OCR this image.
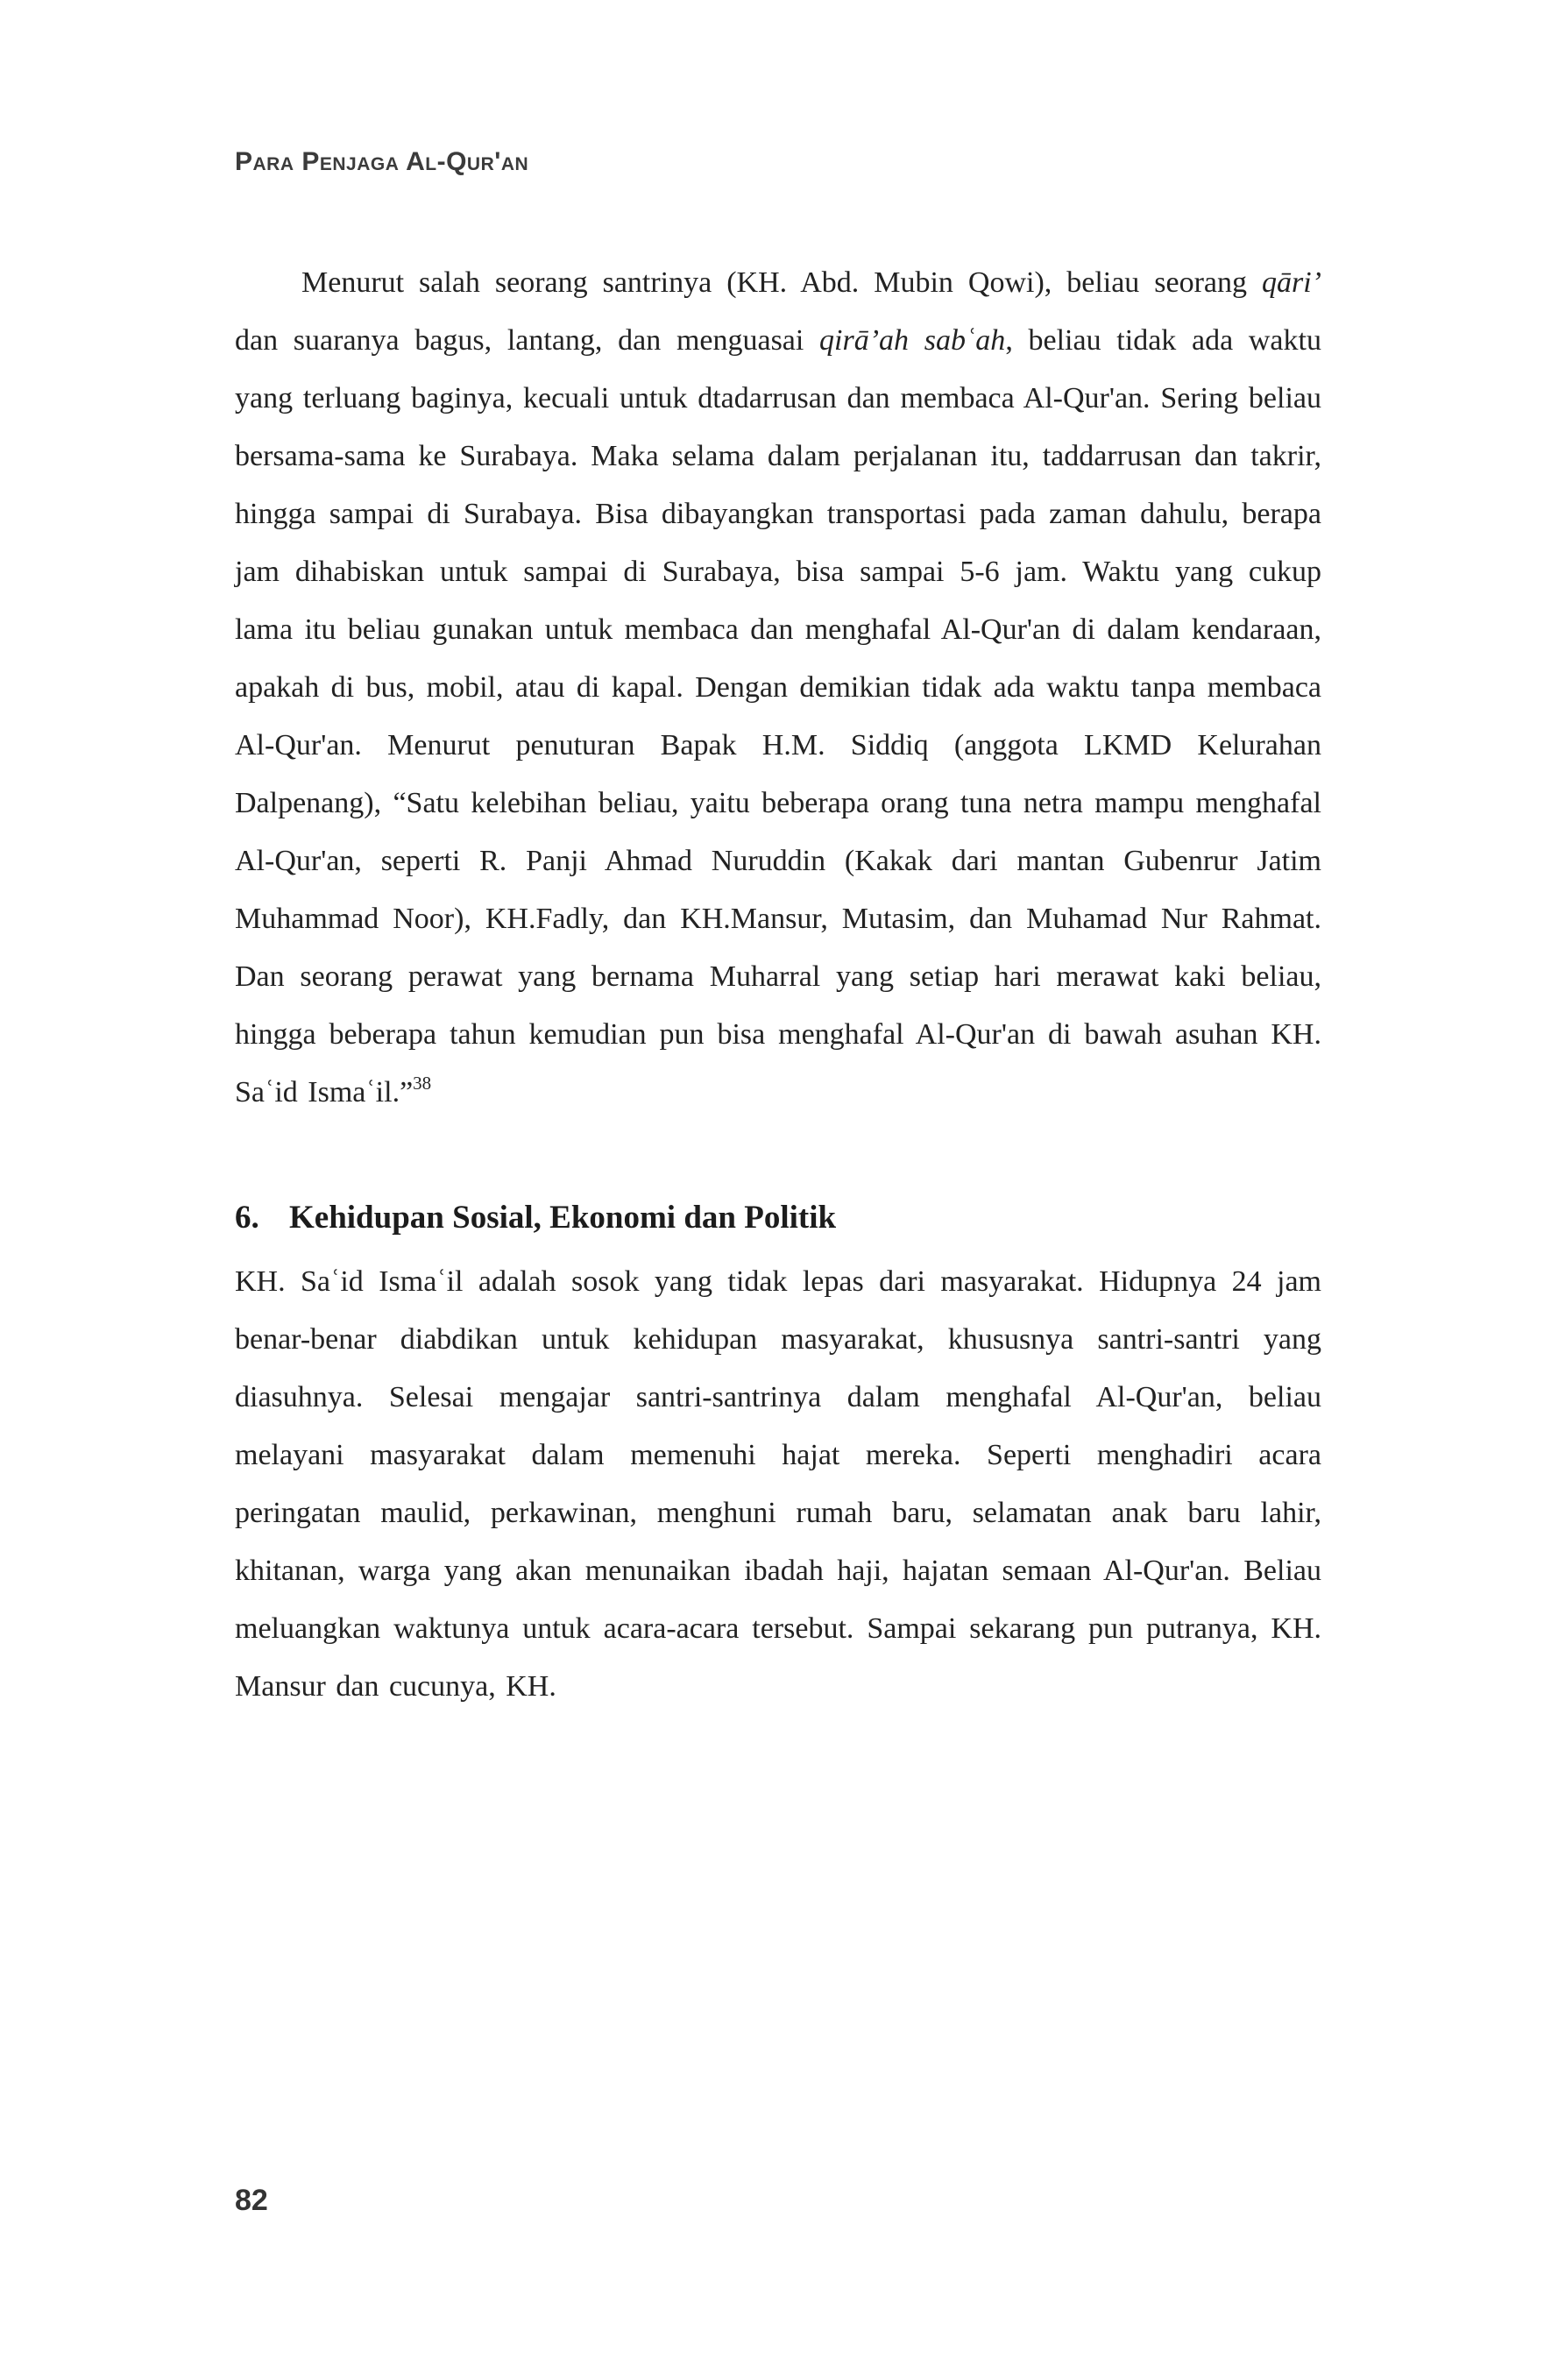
Para Penjaga Al-Qur'an

Menurut salah seorang santrinya (KH. Abd. Mubin Qowi), beliau seorang qāri’ dan suaranya bagus, lantang, dan menguasai qirā’ah sabʿah, beliau tidak ada waktu yang terluang baginya, kecuali untuk dtadarrusan dan membaca Al-Qur'an. Sering beliau bersama-sama ke Surabaya. Maka selama dalam perjalanan itu, taddarrusan dan takrir, hingga sampai di Surabaya. Bisa dibayangkan transportasi pada zaman dahulu, berapa jam dihabiskan untuk sampai di Surabaya, bisa sampai 5-6 jam. Waktu yang cukup lama itu beliau gunakan untuk membaca dan menghafal Al-Qur'an di dalam kendaraan, apakah di bus, mobil, atau di kapal. Dengan demikian tidak ada waktu tanpa membaca Al-Qur'an. Menurut penuturan Bapak H.M. Siddiq (anggota LKMD Kelurahan Dalpenang), “Satu kelebihan beliau, yaitu beberapa orang tuna netra mampu menghafal Al-Qur'an, seperti R. Panji Ahmad Nuruddin (Kakak dari mantan Gubenrur Jatim Muhammad Noor), KH.Fadly, dan KH.Mansur, Mutasim, dan Muhamad Nur Rahmat. Dan seorang perawat yang bernama Muharral yang setiap hari merawat kaki beliau, hingga beberapa tahun kemudian pun bisa menghafal Al-Qur'an di bawah asuhan KH. Saʿid Ismaʿil.”$^{38}$

6. Kehidupan Sosial, Ekonomi dan Politik

KH. Saʿid Ismaʿil adalah sosok yang tidak lepas dari masyarakat. Hidupnya 24 jam benar-benar diabdikan untuk kehidupan masyarakat, khususnya santri-santri yang diasuhnya. Selesai mengajar santri-santrinya dalam menghafal Al-Qur'an, beliau melayani masyarakat dalam memenuhi hajat mereka. Seperti menghadiri acara peringatan maulid, perkawinan, menghuni rumah baru, selamatan anak baru lahir, khitanan, warga yang akan menunaikan ibadah haji, hajatan semaan Al-Qur'an. Beliau meluangkan waktunya untuk acara-acara tersebut. Sampai sekarang pun putranya, KH. Mansur dan cucunya, KH.

82
